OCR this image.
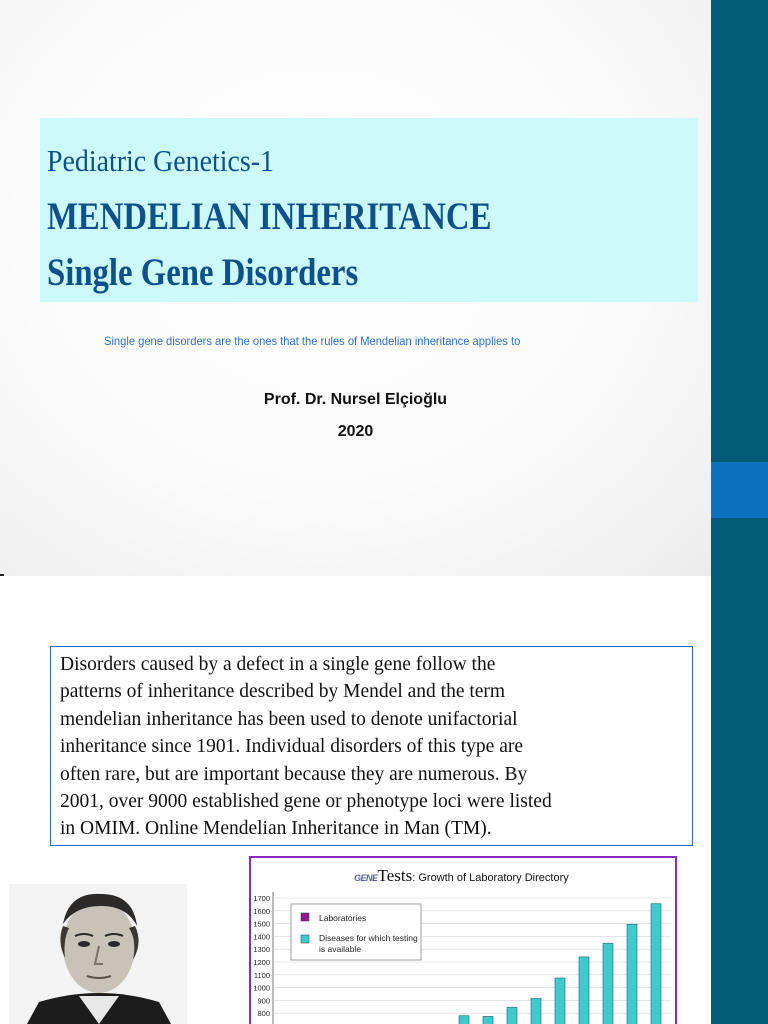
Pediatric Genetics-1
MENDELIAN INHERITANCE
Single Gene Disorders
Single gene disorders are the ones that the rules of Mendelian inheritance applies to
Prof. Dr. Nursel Elçioğlu
2020

Disorders caused by a defect in a single gene follow the
patterns of inheritance described by Mendel and the term
mendelian inheritance has been used to denote unifactorial
inheritance since 1901. Individual disorders of this type are
often rare, but are important because they are numerous. By
2001, over 9000 established gene or phenotype loci were listed
in OMIM. Online Mendelian Inheritance in Man (TM).

GENETests: Growth of Laboratory Directory
800
900
1000
1100
1200
1300
1400
1500
1600
1700
Laboratories
Diseases for which testing
is available
